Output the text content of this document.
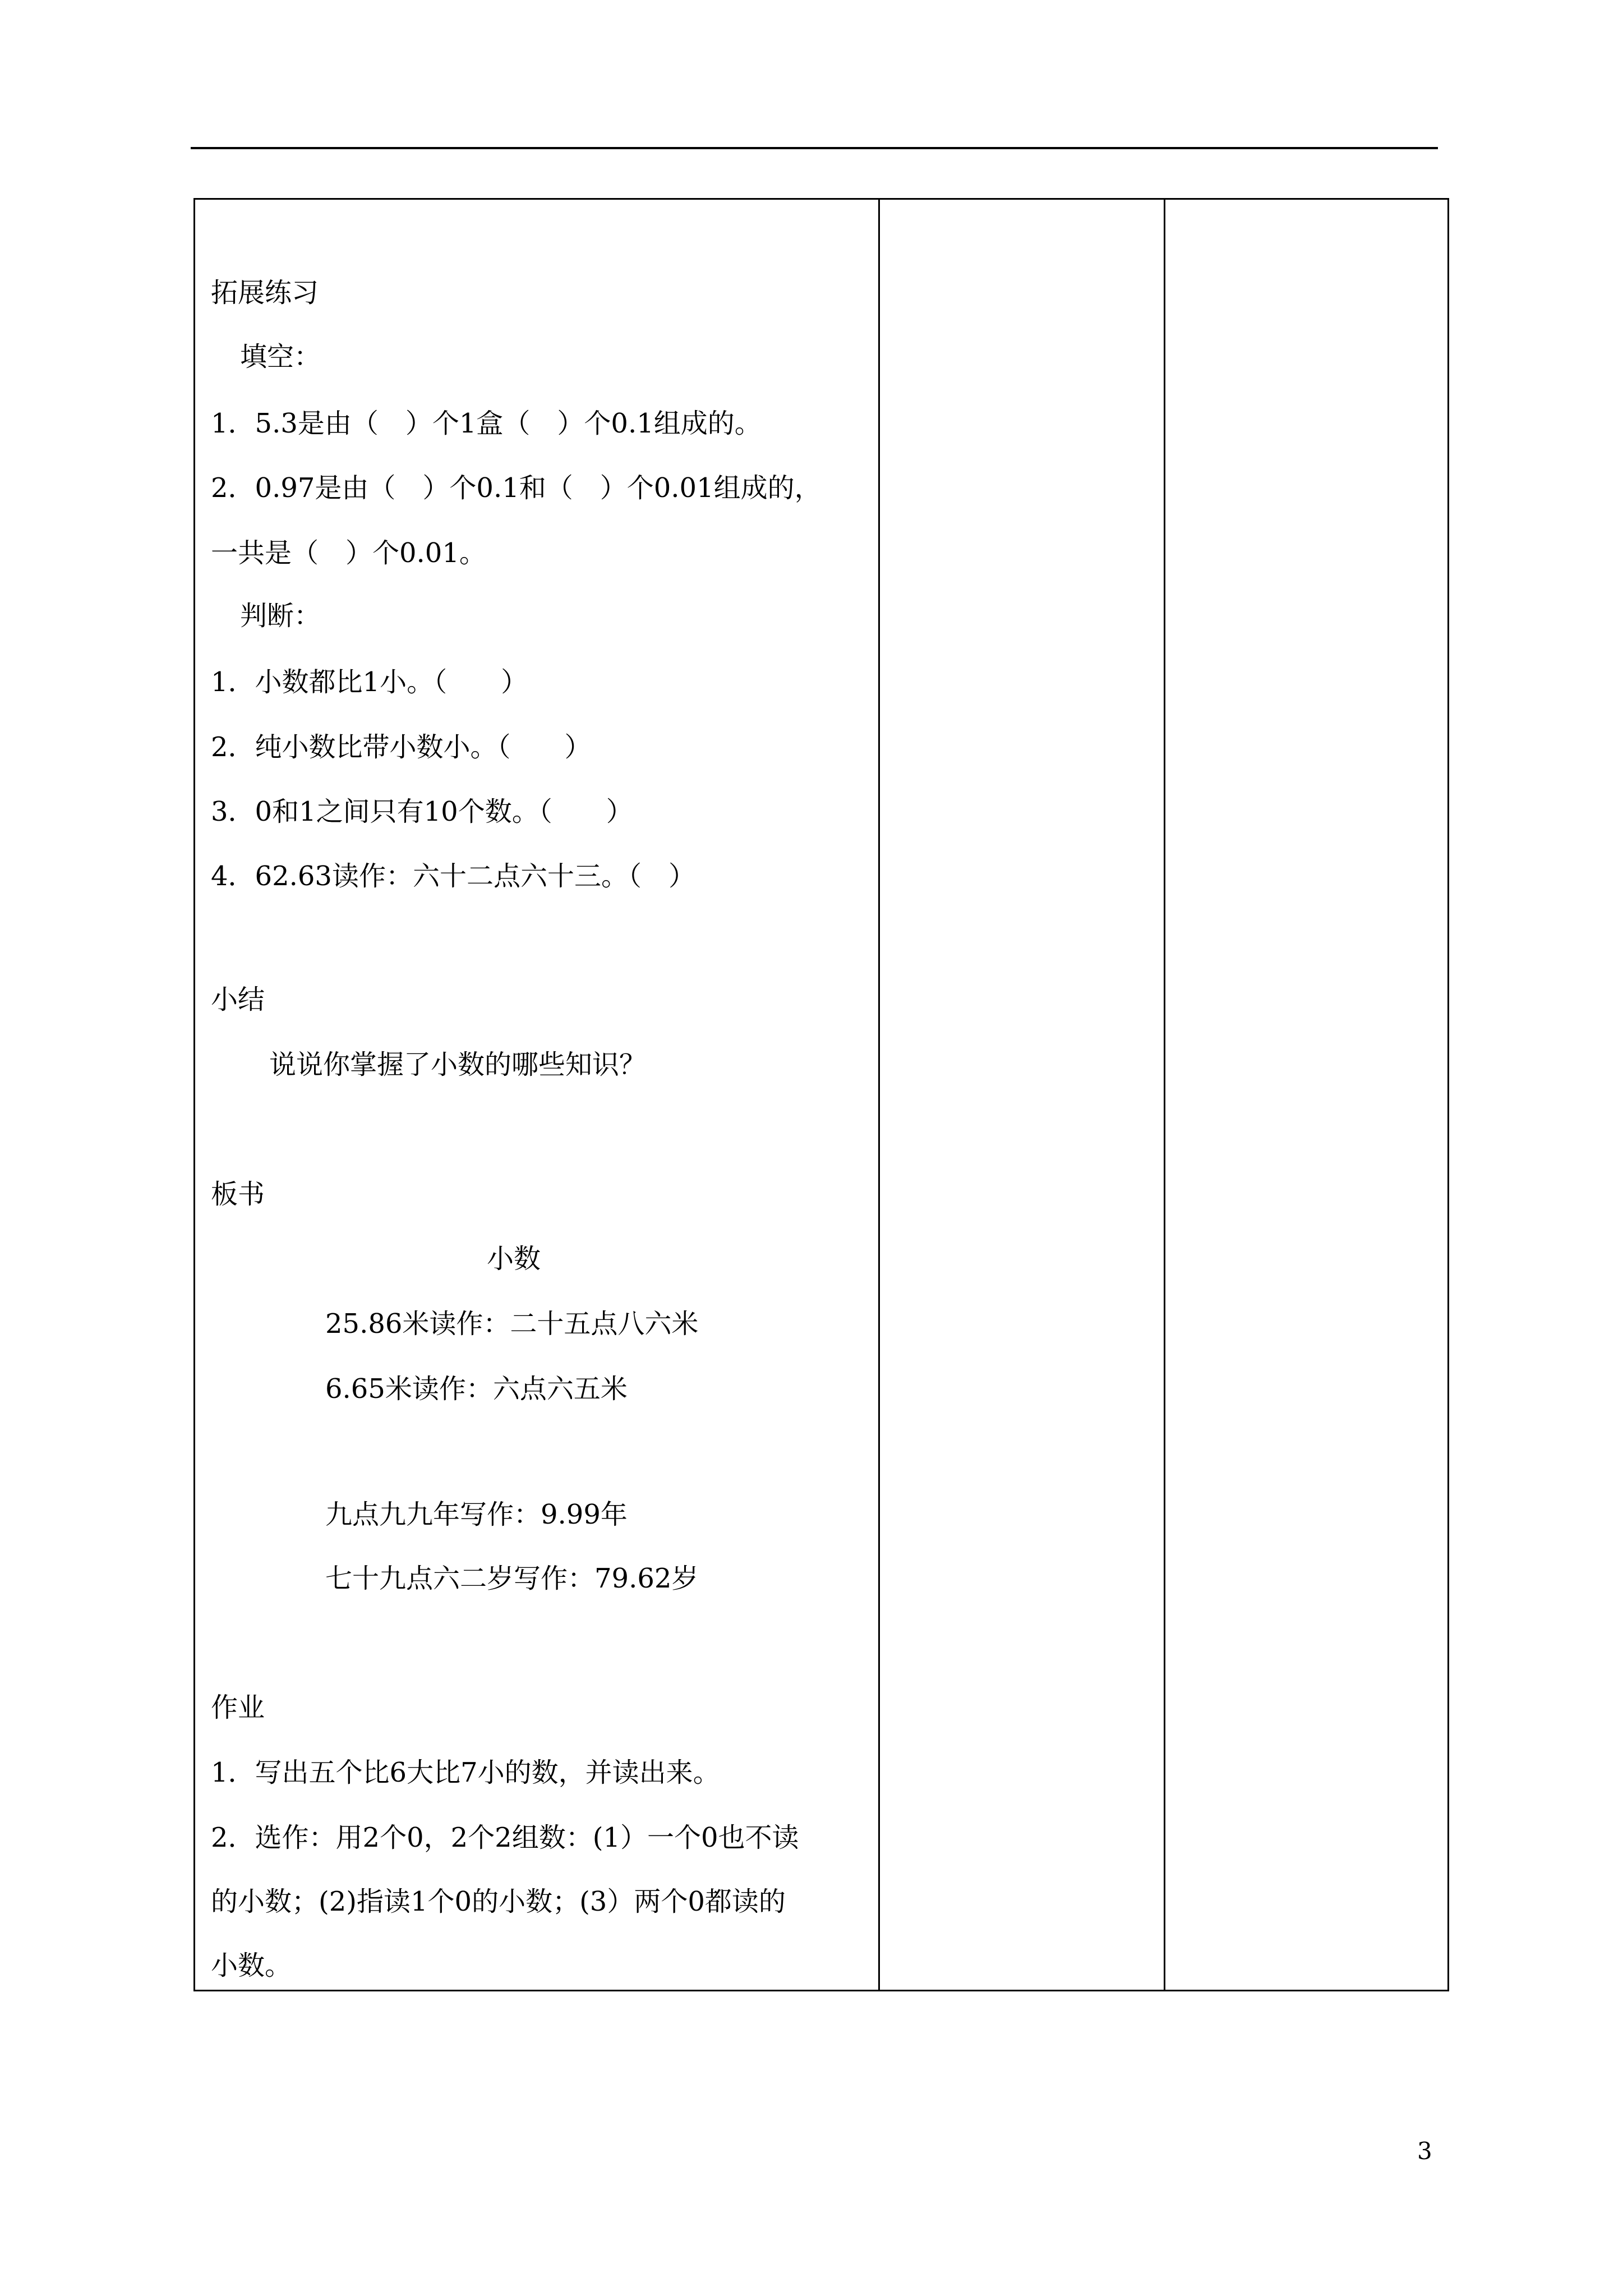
拓展练习
填空：
1．5.3是由（　）个1盒（　）个0.1组成的。
2．0.97是由（　）个0.1和（　）个0.01组成的，
一共是（　）个0.01。
判断：
1．小数都比1小。（　　）
2．纯小数比带小数小。（　　）
3．0和1之间只有10个数。（　　）
4．62.63读作：六十二点六十三。（　）
小结
说说你掌握了小数的哪些知识？
板书
小数
25.86米读作：二十五点八六米
6.65米读作：六点六五米
九点九九年写作：9.99年
七十九点六二岁写作：79.62岁
作业
1．写出五个比6大比7小的数，并读出来。
2．选作：用2个0，2个2组数：(1）一个0也不读
的小数；(2)指读1个0的小数；(3）两个0都读的
小数。
3
